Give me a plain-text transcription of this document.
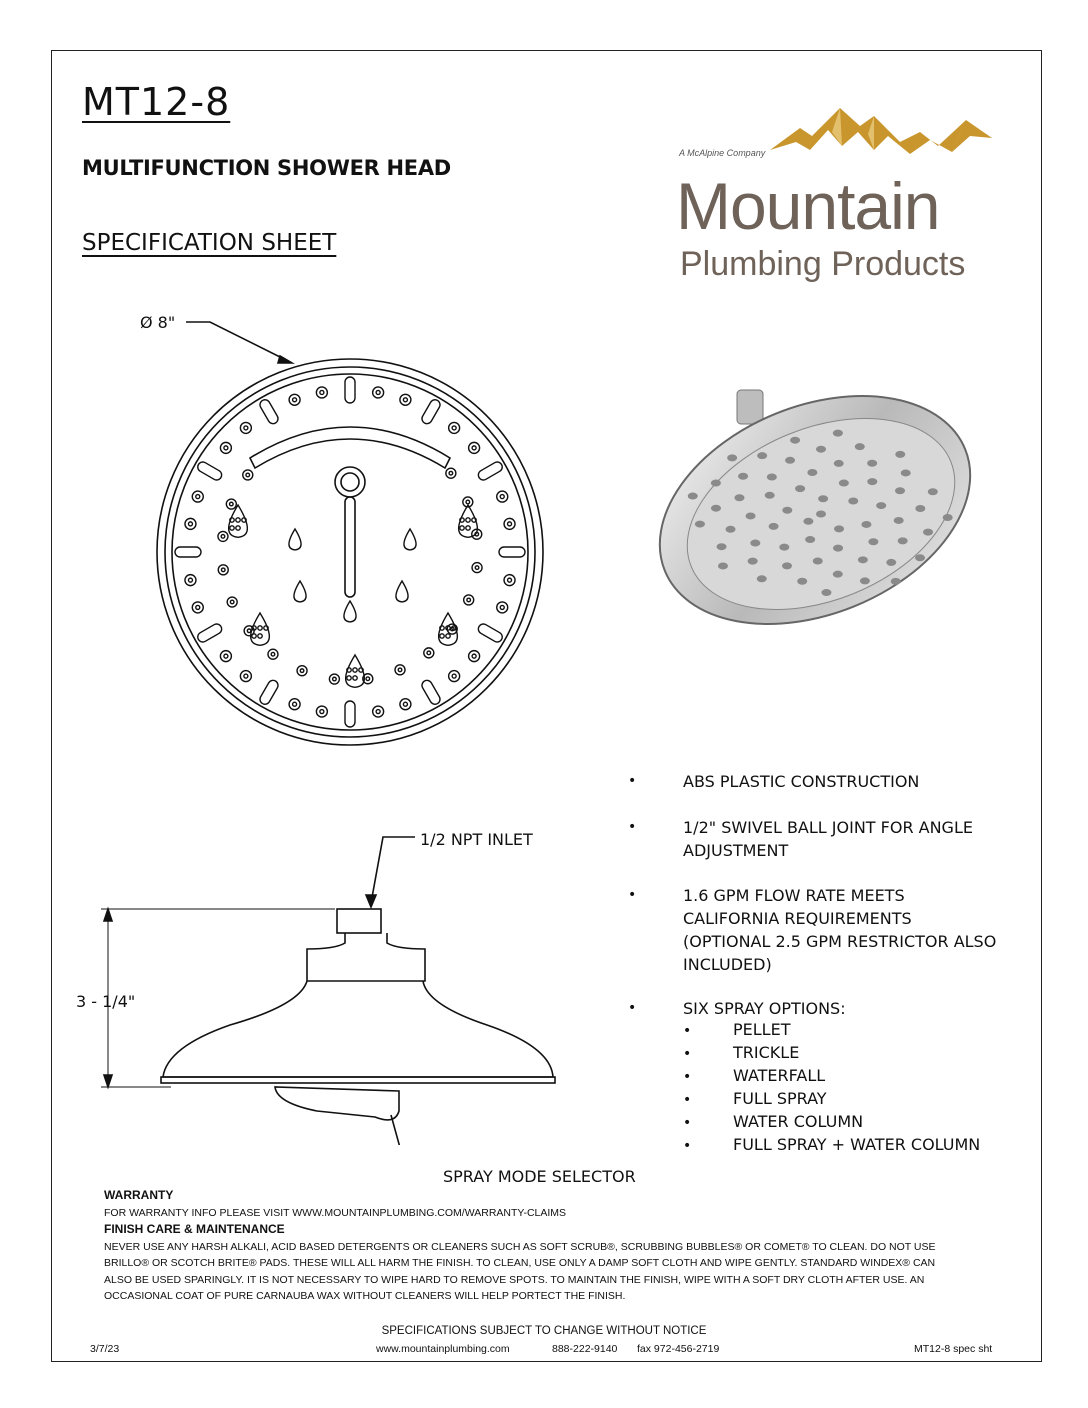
MT12-8
MULTIFUNCTION SHOWER HEAD
SPECIFICATION SHEET
A McAlpine Company
Mountain
Plumbing Products
Ø 8"
1/2 NPT INLET
3 - 1/4"
SPRAY MODE SELECTOR
•	ABS PLASTIC CONSTRUCTION
•	1/2" SWIVEL BALL JOINT FOR ANGLE
ADJUSTMENT
•	1.6 GPM FLOW RATE MEETS
CALIFORNIA REQUIREMENTS
(OPTIONAL 2.5 GPM RESTRICTOR ALSO
INCLUDED)
•	SIX SPRAY OPTIONS:
•	PELLET
•	TRICKLE
•	WATERFALL
•	FULL SPRAY
•	WATER COLUMN
•	FULL SPRAY + WATER COLUMN
WARRANTY
FOR WARRANTY INFO PLEASE VISIT WWW.MOUNTAINPLUMBING.COM/WARRANTY-CLAIMS
FINISH CARE & MAINTENANCE
NEVER USE ANY HARSH ALKALI, ACID BASED DETERGENTS OR CLEANERS SUCH AS SOFT SCRUB®, SCRUBBING BUBBLES® OR COMET® TO CLEAN. DO NOT USE
BRILLO® OR SCOTCH BRITE® PADS. THESE WILL ALL HARM THE FINISH. TO CLEAN, USE ONLY A DAMP SOFT CLOTH AND WIPE GENTLY. STANDARD WINDEX® CAN
ALSO BE USED SPARINGLY. IT IS NOT NECESSARY TO WIPE HARD TO REMOVE SPOTS. TO MAINTAIN THE FINISH, WIPE WITH A SOFT DRY CLOTH AFTER USE. AN
OCCASIONAL COAT OF PURE CARNAUBA WAX WITHOUT CLEANERS WILL HELP PORTECT THE FINISH.
SPECIFICATIONS SUBJECT TO CHANGE WITHOUT NOTICE
3/7/23	www.mountainplumbing.com	888-222-9140 fax 972-456-2719	MT12-8 spec sht
